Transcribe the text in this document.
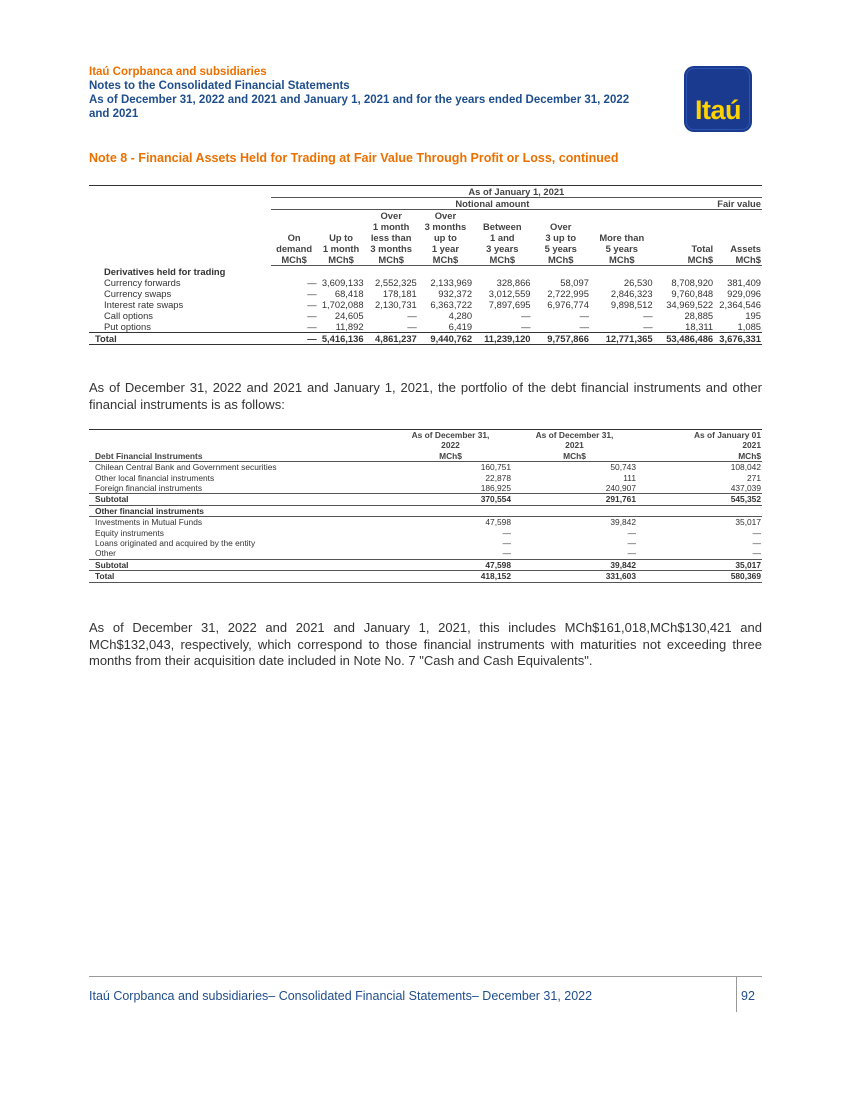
Itaú Corpbanca and subsidiaries
Notes to the Consolidated Financial Statements
As of December 31, 2022 and 2021 and January 1, 2021 and for the years ended December 31, 2022
and 2021	Itaú
Note 8 - Financial Assets Held for Trading at Fair Value Through Profit or Loss, continued
	As of January 1, 2021								
	Notional amount								Fair value
			Over	Over					
			1 month	3 months	Between	Over			
	On	Up to	less than	up to	1 and	3 up to	More than		
	demand	1 month	3 months	1 year	3 years	5 years	5 years	Total	Assets
	MCh$	MCh$	MCh$	MCh$	MCh$	MCh$	MCh$	MCh$	MCh$
Derivatives held for trading									
Currency forwards	—	3,609,133	2,552,325	2,133,969	328,866	58,097	26,530	8,708,920	381,409
Currency swaps	—	68,418	178,181	932,372	3,012,559	2,722,995	2,846,323	9,760,848	929,096
Interest rate swaps	—	1,702,088	2,130,731	6,363,722	7,897,695	6,976,774	9,898,512	34,969,522	2,364,546
Call options	—	24,605	—	4,280	—	—	—	28,885	195
Put options	—	11,892	—	6,419	—	—	—	18,311	1,085
Total	—	5,416,136	4,861,237	9,440,762	11,239,120	9,757,866	12,771,365	53,486,486	3,676,331
As of December 31, 2022 and 2021 and January 1, 2021, the portfolio of the debt financial instruments and other financial instruments is as follows:
	As of December 31,	As of December 31,	As of January 01
	2022	2021	2021
Debt Financial Instruments	MCh$	MCh$	MCh$
Chilean Central Bank and Government securities	160,751	50,743	108,042
Other local financial instruments	22,878	111	271
Foreign financial instruments	186,925	240,907	437,039
Subtotal	370,554	291,761	545,352
Other financial instruments			
Investments in Mutual Funds	47,598	39,842	35,017
Equity instruments	—	—	—
Loans originated and acquired by the entity	—	—	—
Other	—	—	—
Subtotal	47,598	39,842	35,017
Total	418,152	331,603	580,369
As of December 31, 2022 and 2021 and January 1, 2021, this includes MCh$161,018,MCh$130,421 and MCh$132,043, respectively, which correspond to those financial instruments with maturities not exceeding three months from their acquisition date included in Note No. 7 "Cash and Cash Equivalents".
Itaú Corpbanca and subsidiaries– Consolidated Financial Statements– December 31, 2022	92
